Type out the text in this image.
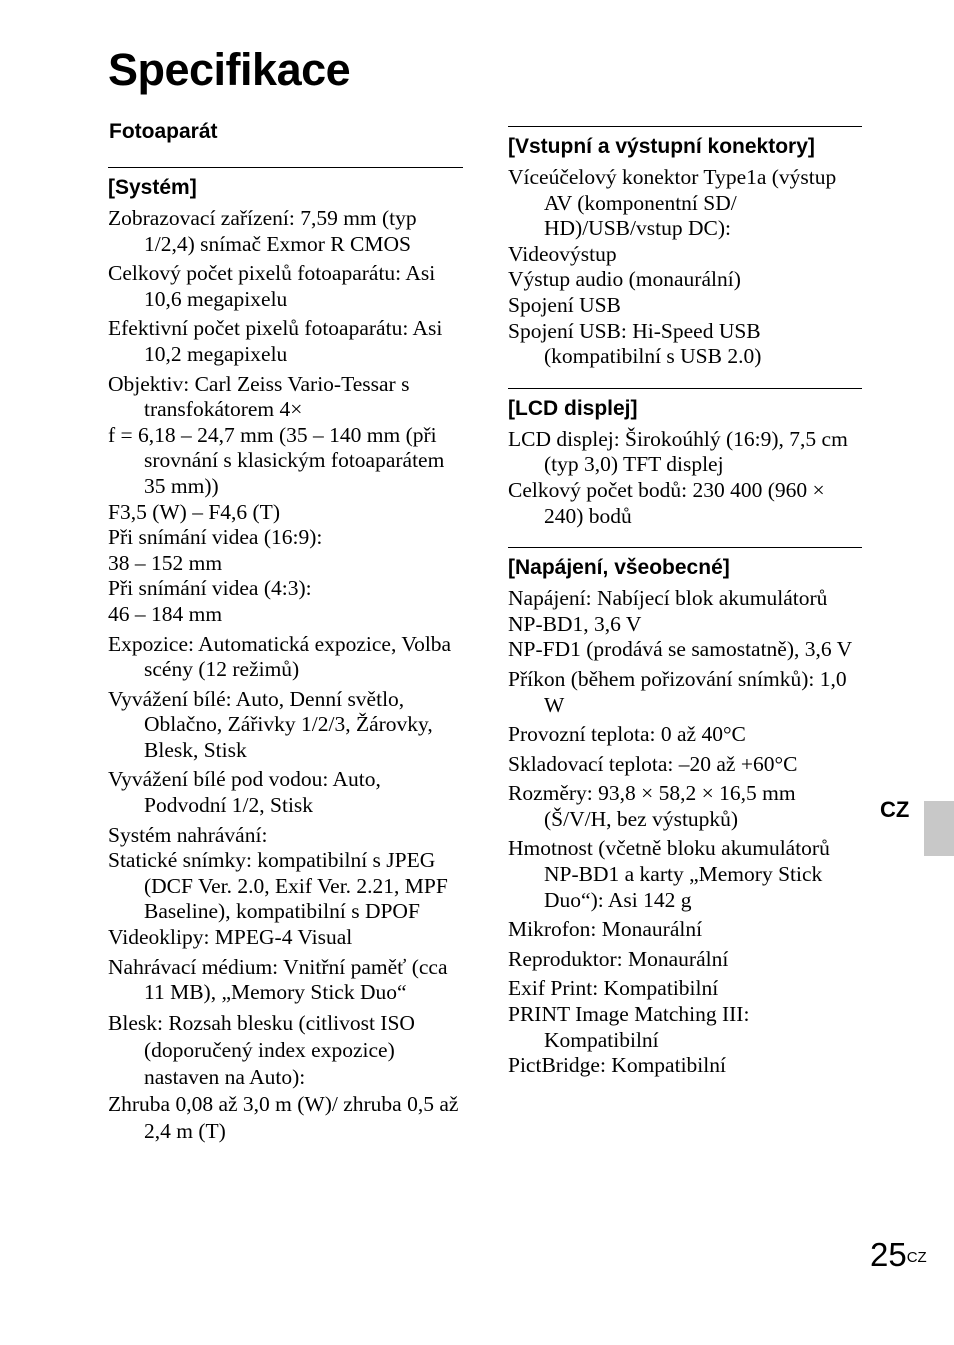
Specifikace
Fotoaparát
[Systém]
Zobrazovací zařízení: 7,59 mm (typ 1/2,4) snímač Exmor R CMOS
Celkový počet pixelů fotoaparátu: Asi 10,6 megapixelu
Efektivní počet pixelů fotoaparátu: Asi 10,2 megapixelu
Objektiv: Carl Zeiss Vario-Tessar s transfokátorem 4×
f = 6,18 – 24,7 mm (35 – 140 mm (při srovnání s klasickým fotoaparátem 35 mm))
F3,5 (W) – F4,6 (T)
Při snímání videa (16:9):
38 – 152 mm
Při snímání videa (4:3):
46 – 184 mm
Expozice: Automatická expozice, Volba scény (12 režimů)
Vyvážení bílé: Auto, Denní světlo, Oblačno, Zářivky 1/2/3, Žárovky, Blesk, Stisk
Vyvážení bílé pod vodou: Auto, Podvodní 1/2, Stisk
Systém nahrávání:
Statické snímky: kompatibilní s JPEG (DCF Ver. 2.0, Exif Ver. 2.21, MPF Baseline), kompatibilní s DPOF
Videoklipy: MPEG-4 Visual
Nahrávací médium: Vnitřní paměť (cca 11 MB), „Memory Stick Duo“
Blesk: Rozsah blesku (citlivost ISO (doporučený index expozice) nastaven na Auto):
Zhruba 0,08 až 3,0 m (W)/ zhruba 0,5 až 2,4 m (T)
[Vstupní a výstupní konektory]
Víceúčelový konektor Type1a (výstup AV (komponentní SD/ HD)/USB/vstup DC):
Videovýstup
Výstup audio (monaurální)
Spojení USB
Spojení USB: Hi-Speed USB (kompatibilní s USB 2.0)
[LCD displej]
LCD displej: Širokoúhlý (16:9), 7,5 cm (typ 3,0) TFT displej
Celkový počet bodů: 230 400 (960 × 240) bodů
[Napájení, všeobecné]
Napájení: Nabíjecí blok akumulátorů
NP-BD1, 3,6 V
NP-FD1 (prodává se samostatně), 3,6 V
Příkon (během pořizování snímků): 1,0 W
Provozní teplota: 0 až 40°C
Skladovací teplota: –20 až +60°C
Rozměry: 93,8 × 58,2 × 16,5 mm (Š/V/H, bez výstupků)
Hmotnost (včetně bloku akumulátorů NP-BD1 a karty „Memory Stick Duo“): Asi 142 g
Mikrofon: Monaurální
Reproduktor: Monaurální
Exif Print: Kompatibilní
PRINT Image Matching III: Kompatibilní
PictBridge: Kompatibilní
CZ
$25^{CZ}$
